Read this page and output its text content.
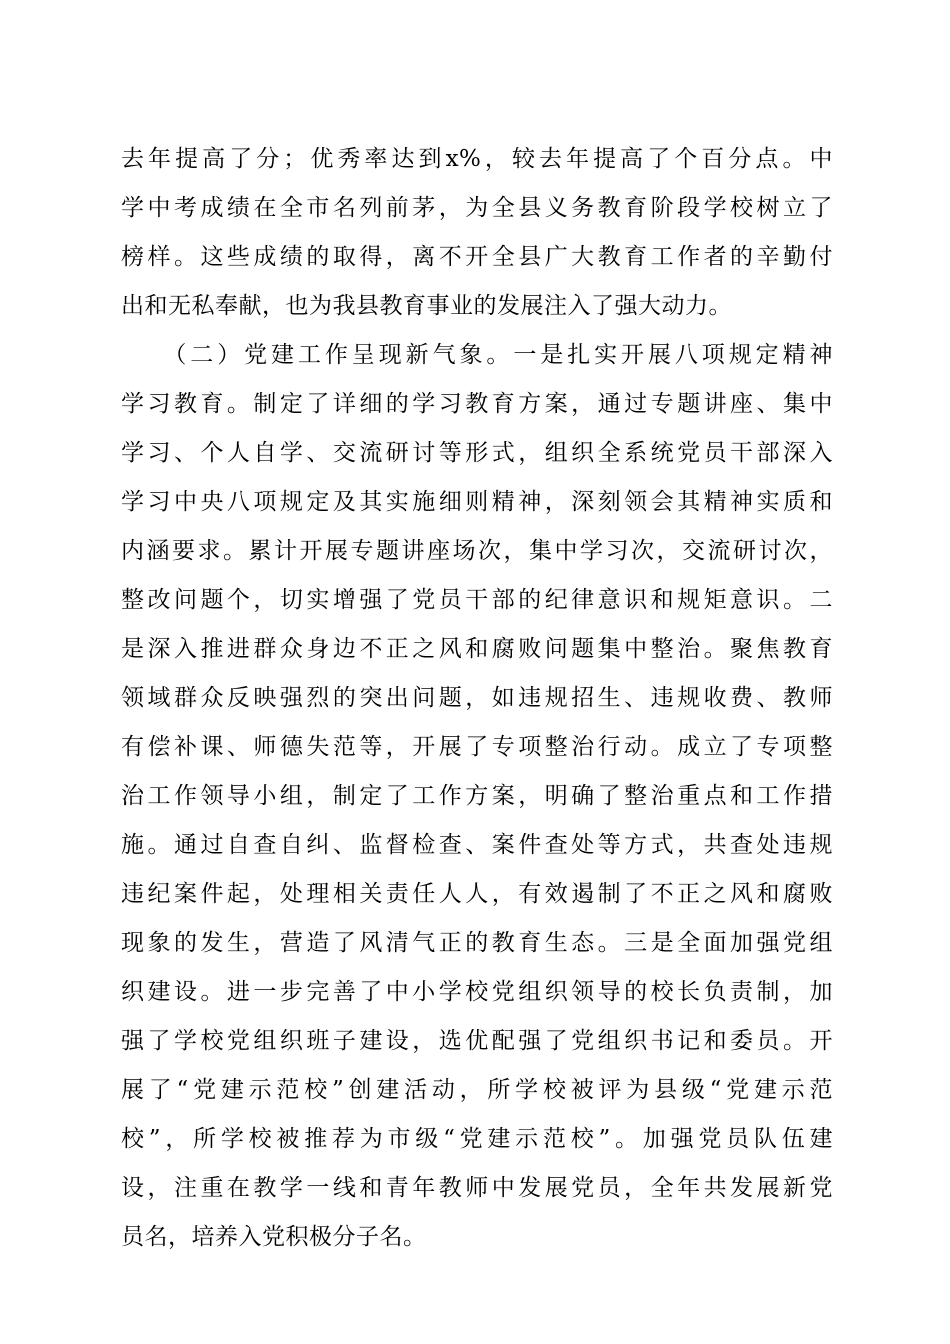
去年提高了分；优秀率达到x%，较去年提高了个百分点。中
学中考成绩在全市名列前茅，为全县义务教育阶段学校树立了
榜样。这些成绩的取得，离不开全县广大教育工作者的辛勤付
出和无私奉献，也为我县教育事业的发展注入了强大动力。
　　（二）党建工作呈现新气象。一是扎实开展八项规定精神
学习教育。制定了详细的学习教育方案，通过专题讲座、集中
学习、个人自学、交流研讨等形式，组织全系统党员干部深入
学习中央八项规定及其实施细则精神，深刻领会其精神实质和
内涵要求。累计开展专题讲座场次，集中学习次，交流研讨次，
整改问题个，切实增强了党员干部的纪律意识和规矩意识。二
是深入推进群众身边不正之风和腐败问题集中整治。聚焦教育
领域群众反映强烈的突出问题，如违规招生、违规收费、教师
有偿补课、师德失范等，开展了专项整治行动。成立了专项整
治工作领导小组，制定了工作方案，明确了整治重点和工作措
施。通过自查自纠、监督检查、案件查处等方式，共查处违规
违纪案件起，处理相关责任人人，有效遏制了不正之风和腐败
现象的发生，营造了风清气正的教育生态。三是全面加强党组
织建设。进一步完善了中小学校党组织领导的校长负责制，加
强了学校党组织班子建设，选优配强了党组织书记和委员。开
展了“党建示范校”创建活动，所学校被评为县级“党建示范
校”，所学校被推荐为市级“党建示范校”。加强党员队伍建
设，注重在教学一线和青年教师中发展党员，全年共发展新党
员名，培养入党积极分子名。
